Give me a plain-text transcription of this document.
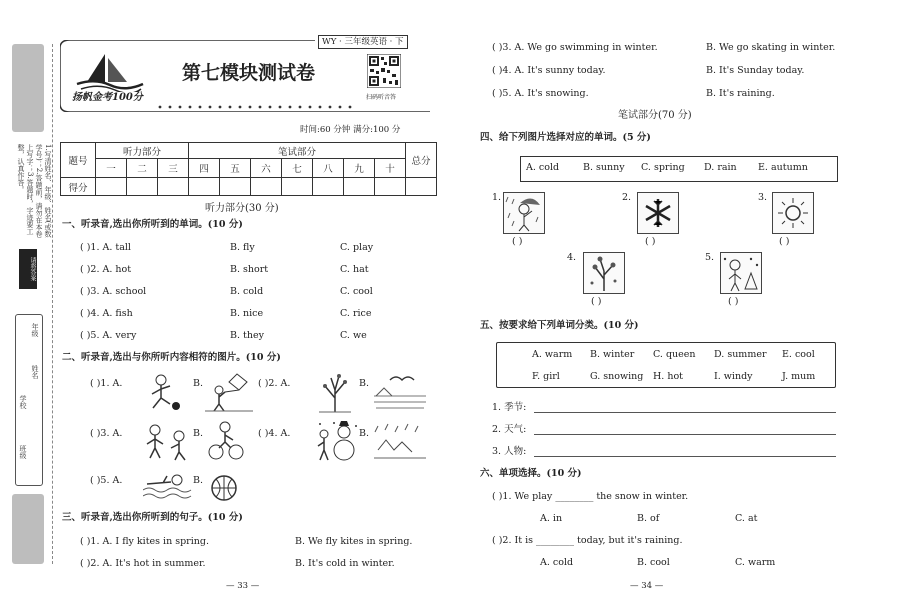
1.写清姓名、年级、姓名(或数学号)；2.答题前，请勿在本卷上写字；3.答题时，字迹要工整，认真作答。
请将答案
年级
姓名
学校
班级
扬帆金考100分
第七模块测试卷
WY · 三年级英语 · 下
扫码听音答
时间:60 分钟 满分:100 分
题号	听力部分			笔试部分							总分
	一	二	三	四	五	六	七	八	九	十	
得分											
听力部分(30 分)
一、听录音,选出你所听到的单词。(10 分)
( )1. A. tall	B. fly	C. play
( )2. A. hot	B. short	C. hat
( )3. A. school	B. cold	C. cool
( )4. A. fish	B. nice	C. rice
( )5. A. very	B. they	C. we
二、听录音,选出与你所听内容相符的图片。(10 分)
( )1. A.	B.	( )2. A.	B.
( )3. A.	B.	( )4. A.	B.
( )5. A.	B.
三、听录音,选出你所听到的句子。(10 分)
( )1. A. I fly kites in spring.	B. We fly kites in spring.
( )2. A. It's hot in summer.	B. It's cold in winter.
— 33 —
( )3. A. We go swimming in winter.	B. We go skating in winter.
( )4. A. It's sunny today.	B. It's Sunday today.
( )5. A. It's snowing.	B. It's raining.
笔试部分(70 分)
四、给下列图片选择对应的单词。(5 分)
A. cold	B. sunny C. spring D. rain E. autumn
1.
( )
2.
( )
3.
( )
4.
( )
5.
( )
五、按要求给下列单词分类。(10 分)
A. warm B. winter C. queen D. summer E. cool
F. girl	G. snowing H. hot	I. windy	J. mum
1. 季节:
2. 天气:
3. 人物:
六、单项选择。(10 分)
( )1. We play ________ the snow in winter.
A. in	B. of	C. at
( )2. It is ________ today, but it's raining.
A. cold	B. cool	C. warm
— 34 —
